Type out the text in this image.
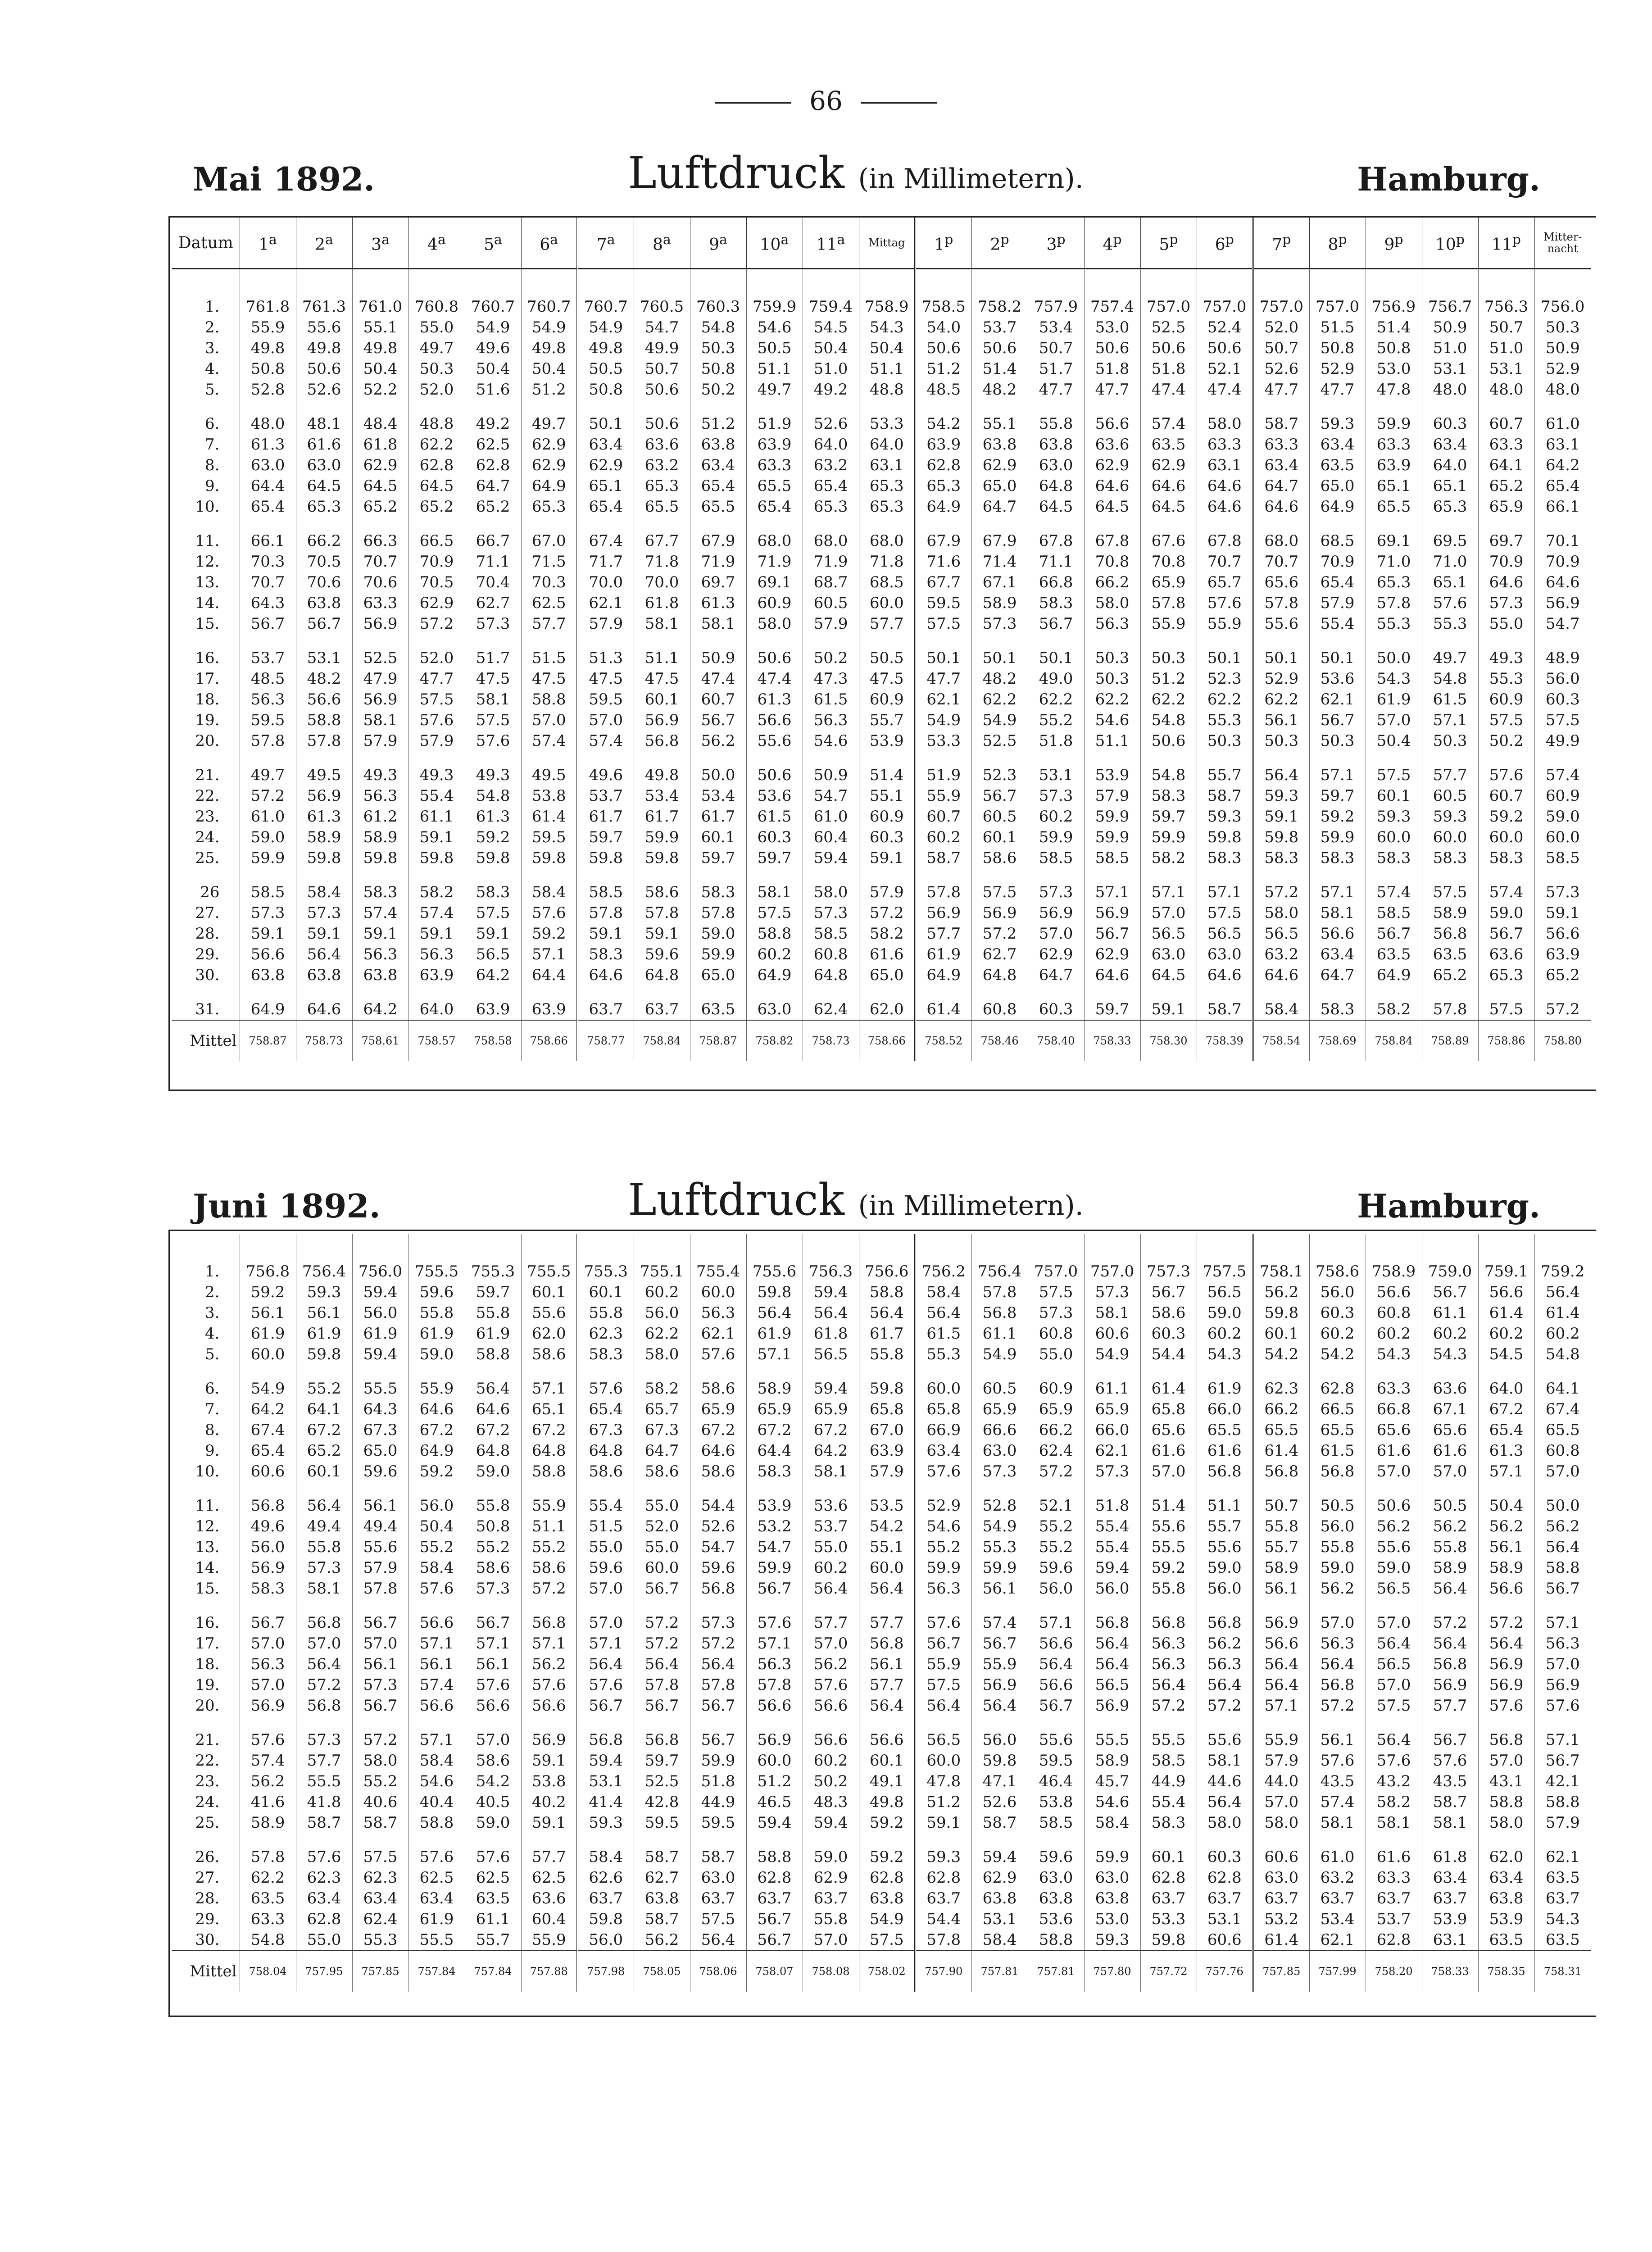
66
Mai 1892.	Luftdruck (in Millimetern).	Hamburg.
Datum	1$^a$	2$^a$	3$^a$	4$^a$	5$^a$	6$^a$	7$^a$	8$^a$	9$^a$	10$^a$	11$^a$	Mittag	1$^p$	2$^p$	3$^p$	4$^p$	5$^p$	6$^p$	7$^p$	8$^p$	9$^p$	10$^p$	11$^p$	Mitter-nacht
1.	761.8	761.3	761.0	760.8	760.7	760.7	760.7	760.5	760.3	759.9	759.4	758.9	758.5	758.2	757.9	757.4	757.0	757.0	757.0	757.0	756.9	756.7	756.3	756.0
2.	55.9	55.6	55.1	55.0	54.9	54.9	54.9	54.7	54.8	54.6	54.5	54.3	54.0	53.7	53.4	53.0	52.5	52.4	52.0	51.5	51.4	50.9	50.7	50.3
3.	49.8	49.8	49.8	49.7	49.6	49.8	49.8	49.9	50.3	50.5	50.4	50.4	50.6	50.6	50.7	50.6	50.6	50.6	50.7	50.8	50.8	51.0	51.0	50.9
4.	50.8	50.6	50.4	50.3	50.4	50.4	50.5	50.7	50.8	51.1	51.0	51.1	51.2	51.4	51.7	51.8	51.8	52.1	52.6	52.9	53.0	53.1	53.1	52.9
5.	52.8	52.6	52.2	52.0	51.6	51.2	50.8	50.6	50.2	49.7	49.2	48.8	48.5	48.2	47.7	47.7	47.4	47.4	47.7	47.7	47.8	48.0	48.0	48.0
6.	48.0	48.1	48.4	48.8	49.2	49.7	50.1	50.6	51.2	51.9	52.6	53.3	54.2	55.1	55.8	56.6	57.4	58.0	58.7	59.3	59.9	60.3	60.7	61.0
7.	61.3	61.6	61.8	62.2	62.5	62.9	63.4	63.6	63.8	63.9	64.0	64.0	63.9	63.8	63.8	63.6	63.5	63.3	63.3	63.4	63.3	63.4	63.3	63.1
8.	63.0	63.0	62.9	62.8	62.8	62.9	62.9	63.2	63.4	63.3	63.2	63.1	62.8	62.9	63.0	62.9	62.9	63.1	63.4	63.5	63.9	64.0	64.1	64.2
9.	64.4	64.5	64.5	64.5	64.7	64.9	65.1	65.3	65.4	65.5	65.4	65.3	65.3	65.0	64.8	64.6	64.6	64.6	64.7	65.0	65.1	65.1	65.2	65.4
10.	65.4	65.3	65.2	65.2	65.2	65.3	65.4	65.5	65.5	65.4	65.3	65.3	64.9	64.7	64.5	64.5	64.5	64.6	64.6	64.9	65.5	65.3	65.9	66.1
11.	66.1	66.2	66.3	66.5	66.7	67.0	67.4	67.7	67.9	68.0	68.0	68.0	67.9	67.9	67.8	67.8	67.6	67.8	68.0	68.5	69.1	69.5	69.7	70.1
12.	70.3	70.5	70.7	70.9	71.1	71.5	71.7	71.8	71.9	71.9	71.9	71.8	71.6	71.4	71.1	70.8	70.8	70.7	70.7	70.9	71.0	71.0	70.9	70.9
13.	70.7	70.6	70.6	70.5	70.4	70.3	70.0	70.0	69.7	69.1	68.7	68.5	67.7	67.1	66.8	66.2	65.9	65.7	65.6	65.4	65.3	65.1	64.6	64.6
14.	64.3	63.8	63.3	62.9	62.7	62.5	62.1	61.8	61.3	60.9	60.5	60.0	59.5	58.9	58.3	58.0	57.8	57.6	57.8	57.9	57.8	57.6	57.3	56.9
15.	56.7	56.7	56.9	57.2	57.3	57.7	57.9	58.1	58.1	58.0	57.9	57.7	57.5	57.3	56.7	56.3	55.9	55.9	55.6	55.4	55.3	55.3	55.0	54.7
16.	53.7	53.1	52.5	52.0	51.7	51.5	51.3	51.1	50.9	50.6	50.2	50.5	50.1	50.1	50.1	50.3	50.3	50.1	50.1	50.1	50.0	49.7	49.3	48.9
17.	48.5	48.2	47.9	47.7	47.5	47.5	47.5	47.5	47.4	47.4	47.3	47.5	47.7	48.2	49.0	50.3	51.2	52.3	52.9	53.6	54.3	54.8	55.3	56.0
18.	56.3	56.6	56.9	57.5	58.1	58.8	59.5	60.1	60.7	61.3	61.5	60.9	62.1	62.2	62.2	62.2	62.2	62.2	62.2	62.1	61.9	61.5	60.9	60.3
19.	59.5	58.8	58.1	57.6	57.5	57.0	57.0	56.9	56.7	56.6	56.3	55.7	54.9	54.9	55.2	54.6	54.8	55.3	56.1	56.7	57.0	57.1	57.5	57.5
20.	57.8	57.8	57.9	57.9	57.6	57.4	57.4	56.8	56.2	55.6	54.6	53.9	53.3	52.5	51.8	51.1	50.6	50.3	50.3	50.3	50.4	50.3	50.2	49.9
21.	49.7	49.5	49.3	49.3	49.3	49.5	49.6	49.8	50.0	50.6	50.9	51.4	51.9	52.3	53.1	53.9	54.8	55.7	56.4	57.1	57.5	57.7	57.6	57.4
22.	57.2	56.9	56.3	55.4	54.8	53.8	53.7	53.4	53.4	53.6	54.7	55.1	55.9	56.7	57.3	57.9	58.3	58.7	59.3	59.7	60.1	60.5	60.7	60.9
23.	61.0	61.3	61.2	61.1	61.3	61.4	61.7	61.7	61.7	61.5	61.0	60.9	60.7	60.5	60.2	59.9	59.7	59.3	59.1	59.2	59.3	59.3	59.2	59.0
24.	59.0	58.9	58.9	59.1	59.2	59.5	59.7	59.9	60.1	60.3	60.4	60.3	60.2	60.1	59.9	59.9	59.9	59.8	59.8	59.9	60.0	60.0	60.0	60.0
25.	59.9	59.8	59.8	59.8	59.8	59.8	59.8	59.8	59.7	59.7	59.4	59.1	58.7	58.6	58.5	58.5	58.2	58.3	58.3	58.3	58.3	58.3	58.3	58.5
26	58.5	58.4	58.3	58.2	58.3	58.4	58.5	58.6	58.3	58.1	58.0	57.9	57.8	57.5	57.3	57.1	57.1	57.1	57.2	57.1	57.4	57.5	57.4	57.3
27.	57.3	57.3	57.4	57.4	57.5	57.6	57.8	57.8	57.8	57.5	57.3	57.2	56.9	56.9	56.9	56.9	57.0	57.5	58.0	58.1	58.5	58.9	59.0	59.1
28.	59.1	59.1	59.1	59.1	59.1	59.2	59.1	59.1	59.0	58.8	58.5	58.2	57.7	57.2	57.0	56.7	56.5	56.5	56.5	56.6	56.7	56.8	56.7	56.6
29.	56.6	56.4	56.3	56.3	56.5	57.1	58.3	59.6	59.9	60.2	60.8	61.6	61.9	62.7	62.9	62.9	63.0	63.0	63.2	63.4	63.5	63.5	63.6	63.9
30.	63.8	63.8	63.8	63.9	64.2	64.4	64.6	64.8	65.0	64.9	64.8	65.0	64.9	64.8	64.7	64.6	64.5	64.6	64.6	64.7	64.9	65.2	65.3	65.2
31.	64.9	64.6	64.2	64.0	63.9	63.9	63.7	63.7	63.5	63.0	62.4	62.0	61.4	60.8	60.3	59.7	59.1	58.7	58.4	58.3	58.2	57.8	57.5	57.2
Mittel	758.87	758.73	758.61	758.57	758.58	758.66	758.77	758.84	758.87	758.82	758.73	758.66	758.52	758.46	758.40	758.33	758.30	758.39	758.54	758.69	758.84	758.89	758.86	758.80
Juni 1892.	Luftdruck (in Millimetern).	Hamburg.
1.	756.8	756.4	756.0	755.5	755.3	755.5	755.3	755.1	755.4	755.6	756.3	756.6	756.2	756.4	757.0	757.0	757.3	757.5	758.1	758.6	758.9	759.0	759.1	759.2
2.	59.2	59.3	59.4	59.6	59.7	60.1	60.1	60.2	60.0	59.8	59.4	58.8	58.4	57.8	57.5	57.3	56.7	56.5	56.2	56.0	56.6	56.7	56.6	56.4
3.	56.1	56.1	56.0	55.8	55.8	55.6	55.8	56.0	56.3	56.4	56.4	56.4	56.4	56.8	57.3	58.1	58.6	59.0	59.8	60.3	60.8	61.1	61.4	61.4
4.	61.9	61.9	61.9	61.9	61.9	62.0	62.3	62.2	62.1	61.9	61.8	61.7	61.5	61.1	60.8	60.6	60.3	60.2	60.1	60.2	60.2	60.2	60.2	60.2
5.	60.0	59.8	59.4	59.0	58.8	58.6	58.3	58.0	57.6	57.1	56.5	55.8	55.3	54.9	55.0	54.9	54.4	54.3	54.2	54.2	54.3	54.3	54.5	54.8
6.	54.9	55.2	55.5	55.9	56.4	57.1	57.6	58.2	58.6	58.9	59.4	59.8	60.0	60.5	60.9	61.1	61.4	61.9	62.3	62.8	63.3	63.6	64.0	64.1
7.	64.2	64.1	64.3	64.6	64.6	65.1	65.4	65.7	65.9	65.9	65.9	65.8	65.8	65.9	65.9	65.9	65.8	66.0	66.2	66.5	66.8	67.1	67.2	67.4
8.	67.4	67.2	67.3	67.2	67.2	67.2	67.3	67.3	67.2	67.2	67.2	67.0	66.9	66.6	66.2	66.0	65.6	65.5	65.5	65.5	65.6	65.6	65.4	65.5
9.	65.4	65.2	65.0	64.9	64.8	64.8	64.8	64.7	64.6	64.4	64.2	63.9	63.4	63.0	62.4	62.1	61.6	61.6	61.4	61.5	61.6	61.6	61.3	60.8
10.	60.6	60.1	59.6	59.2	59.0	58.8	58.6	58.6	58.6	58.3	58.1	57.9	57.6	57.3	57.2	57.3	57.0	56.8	56.8	56.8	57.0	57.0	57.1	57.0
11.	56.8	56.4	56.1	56.0	55.8	55.9	55.4	55.0	54.4	53.9	53.6	53.5	52.9	52.8	52.1	51.8	51.4	51.1	50.7	50.5	50.6	50.5	50.4	50.0
12.	49.6	49.4	49.4	50.4	50.8	51.1	51.5	52.0	52.6	53.2	53.7	54.2	54.6	54.9	55.2	55.4	55.6	55.7	55.8	56.0	56.2	56.2	56.2	56.2
13.	56.0	55.8	55.6	55.2	55.2	55.2	55.0	55.0	54.7	54.7	55.0	55.1	55.2	55.3	55.2	55.4	55.5	55.6	55.7	55.8	55.6	55.8	56.1	56.4
14.	56.9	57.3	57.9	58.4	58.6	58.6	59.6	60.0	59.6	59.9	60.2	60.0	59.9	59.9	59.6	59.4	59.2	59.0	58.9	59.0	59.0	58.9	58.9	58.8
15.	58.3	58.1	57.8	57.6	57.3	57.2	57.0	56.7	56.8	56.7	56.4	56.4	56.3	56.1	56.0	56.0	55.8	56.0	56.1	56.2	56.5	56.4	56.6	56.7
16.	56.7	56.8	56.7	56.6	56.7	56.8	57.0	57.2	57.3	57.6	57.7	57.7	57.6	57.4	57.1	56.8	56.8	56.8	56.9	57.0	57.0	57.2	57.2	57.1
17.	57.0	57.0	57.0	57.1	57.1	57.1	57.1	57.2	57.2	57.1	57.0	56.8	56.7	56.7	56.6	56.4	56.3	56.2	56.6	56.3	56.4	56.4	56.4	56.3
18.	56.3	56.4	56.1	56.1	56.1	56.2	56.4	56.4	56.4	56.3	56.2	56.1	55.9	55.9	56.4	56.4	56.3	56.3	56.4	56.4	56.5	56.8	56.9	57.0
19.	57.0	57.2	57.3	57.4	57.6	57.6	57.6	57.8	57.8	57.8	57.6	57.7	57.5	56.9	56.6	56.5	56.4	56.4	56.4	56.8	57.0	56.9	56.9	56.9
20.	56.9	56.8	56.7	56.6	56.6	56.6	56.7	56.7	56.7	56.6	56.6	56.4	56.4	56.4	56.7	56.9	57.2	57.2	57.1	57.2	57.5	57.7	57.6	57.6
21.	57.6	57.3	57.2	57.1	57.0	56.9	56.8	56.8	56.7	56.9	56.6	56.6	56.5	56.0	55.6	55.5	55.5	55.6	55.9	56.1	56.4	56.7	56.8	57.1
22.	57.4	57.7	58.0	58.4	58.6	59.1	59.4	59.7	59.9	60.0	60.2	60.1	60.0	59.8	59.5	58.9	58.5	58.1	57.9	57.6	57.6	57.6	57.0	56.7
23.	56.2	55.5	55.2	54.6	54.2	53.8	53.1	52.5	51.8	51.2	50.2	49.1	47.8	47.1	46.4	45.7	44.9	44.6	44.0	43.5	43.2	43.5	43.1	42.1
24.	41.6	41.8	40.6	40.4	40.5	40.2	41.4	42.8	44.9	46.5	48.3	49.8	51.2	52.6	53.8	54.6	55.4	56.4	57.0	57.4	58.2	58.7	58.8	58.8
25.	58.9	58.7	58.7	58.8	59.0	59.1	59.3	59.5	59.5	59.4	59.4	59.2	59.1	58.7	58.5	58.4	58.3	58.0	58.0	58.1	58.1	58.1	58.0	57.9
26.	57.8	57.6	57.5	57.6	57.6	57.7	58.4	58.7	58.7	58.8	59.0	59.2	59.3	59.4	59.6	59.9	60.1	60.3	60.6	61.0	61.6	61.8	62.0	62.1
27.	62.2	62.3	62.3	62.5	62.5	62.5	62.6	62.7	63.0	62.8	62.9	62.8	62.8	62.9	63.0	63.0	62.8	62.8	63.0	63.2	63.3	63.4	63.4	63.5
28.	63.5	63.4	63.4	63.4	63.5	63.6	63.7	63.8	63.7	63.7	63.7	63.8	63.7	63.8	63.8	63.8	63.7	63.7	63.7	63.7	63.7	63.7	63.8	63.7
29.	63.3	62.8	62.4	61.9	61.1	60.4	59.8	58.7	57.5	56.7	55.8	54.9	54.4	53.1	53.6	53.0	53.3	53.1	53.2	53.4	53.7	53.9	53.9	54.3
30.	54.8	55.0	55.3	55.5	55.7	55.9	56.0	56.2	56.4	56.7	57.0	57.5	57.8	58.4	58.8	59.3	59.8	60.6	61.4	62.1	62.8	63.1	63.5	63.5
Mittel	758.04	757.95	757.85	757.84	757.84	757.88	757.98	758.05	758.06	758.07	758.08	758.02	757.90	757.81	757.81	757.80	757.72	757.76	757.85	757.99	758.20	758.33	758.35	758.31
